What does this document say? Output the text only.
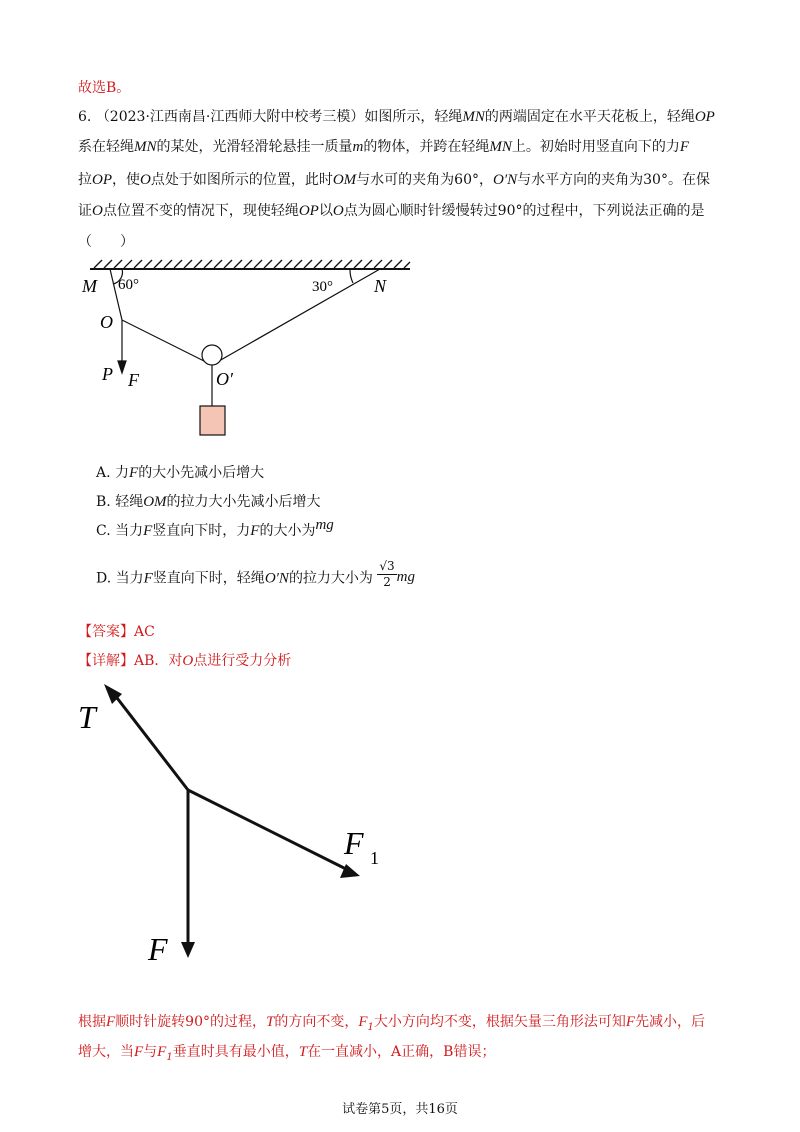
故选B。
6. （2023·江西南昌·江西师大附中校考三模）如图所示，轻绳MN的两端固定在水平天花板上，轻绳OP
系在轻绳MN的某处，光滑轻滑轮悬挂一质量m的物体，并跨在轻绳MN上。初始时用竖直向下的力F
拉OP，使O点处于如图所示的位置，此时OM与水可的夹角为60°，O′N与水平方向的夹角为30°。在保
证O点位置不变的情况下，现使轻绳OP以O点为圆心顺时针缓慢转过90°的过程中，下列说法正确的是
（　　）
M 60°	30° N
O
O′
P F
A. 力F的大小先减小后增大
B. 轻绳OM的拉力大小先减小后增大
C. 当力F竖直向下时，力F的大小为mg
D. 当力F竖直向下时，轻绳O′N的拉力大小为 $\frac{√3}{2}$ mg
【答案】AC
【详解】AB．对O点进行受力分析
T
F 1
F
根据F顺时针旋转90°的过程，T的方向不变，$F_1$大小方向均不变，根据矢量三角形法可知F先减小，后
增大，当F与$F_1$垂直时具有最小值，T在一直减小，A正确，B错误；
试卷第5页，共16页
